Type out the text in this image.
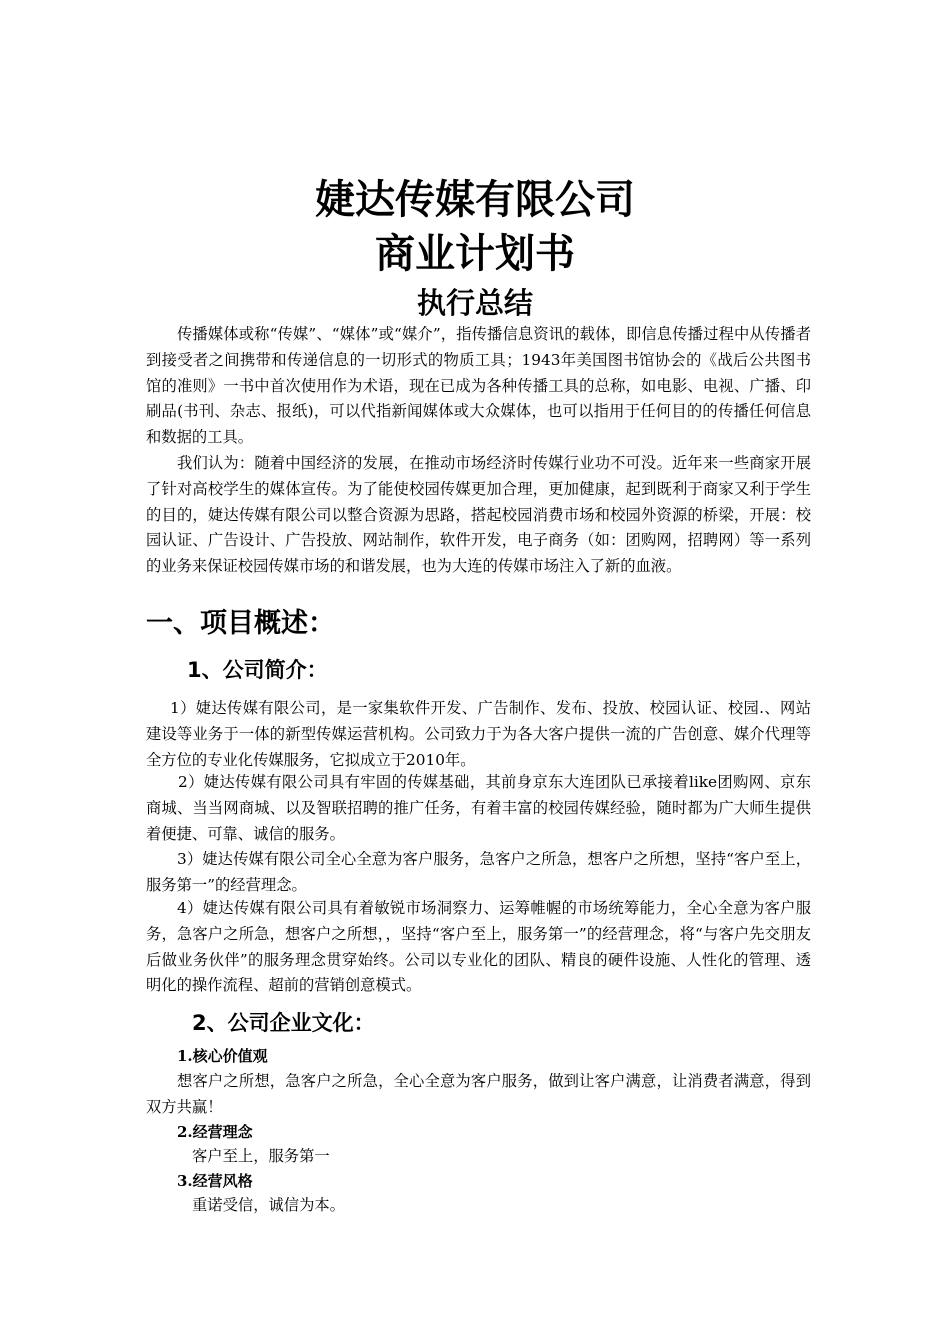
婕达传媒有限公司
商业计划书
执行总结
传播媒体或称“传媒”、“媒体”或“媒介”，指传播信息资讯的载体，即信息传播过程中从传播者到接受者之间携带和传递信息的一切形式的物质工具；1943年美国图书馆协会的《战后公共图书馆的准则》一书中首次使用作为术语，现在已成为各种传播工具的总称，如电影、电视、广播、印刷品(书刊、杂志、报纸)，可以代指新闻媒体或大众媒体，也可以指用于任何目的的传播任何信息和数据的工具。
我们认为：随着中国经济的发展，在推动市场经济时传媒行业功不可没。近年来一些商家开展了针对高校学生的媒体宣传。为了能使校园传媒更加合理，更加健康，起到既利于商家又利于学生的目的，婕达传媒有限公司以整合资源为思路，搭起校园消费市场和校园外资源的桥梁，开展：校园认证、广告设计、广告投放、网站制作，软件开发，电子商务（如：团购网，招聘网）等一系列的业务来保证校园传媒市场的和谐发展，也为大连的传媒市场注入了新的血液。
一、项目概述：
1、公司简介：
1）婕达传媒有限公司，是一家集软件开发、广告制作、发布、投放、校园认证、校园.、网站建设等业务于一体的新型传媒运营机构。公司致力于为各大客户提供一流的广告创意、媒介代理等全方位的专业化传媒服务，它拟成立于2010年。
2）婕达传媒有限公司具有牢固的传媒基础，其前身京东大连团队已承接着like团购网、京东商城、当当网商城、以及智联招聘的推广任务，有着丰富的校园传媒经验，随时都为广大师生提供着便捷、可靠、诚信的服务。
3）婕达传媒有限公司全心全意为客户服务，急客户之所急，想客户之所想，坚持“客户至上，服务第一”的经营理念。
4）婕达传媒有限公司具有着敏锐市场洞察力、运筹帷幄的市场统筹能力，全心全意为客户服务，急客户之所急，想客户之所想，，坚持“客户至上，服务第一”的经营理念，将“与客户先交朋友后做业务伙伴”的服务理念贯穿始终。公司以专业化的团队、精良的硬件设施、人性化的管理、透明化的操作流程、超前的营销创意模式。
2、公司企业文化：
1.核心价值观
想客户之所想，急客户之所急，全心全意为客户服务，做到让客户满意，让消费者满意，得到双方共赢！
2.经营理念
客户至上，服务第一
3.经营风格
重诺受信，诚信为本。
